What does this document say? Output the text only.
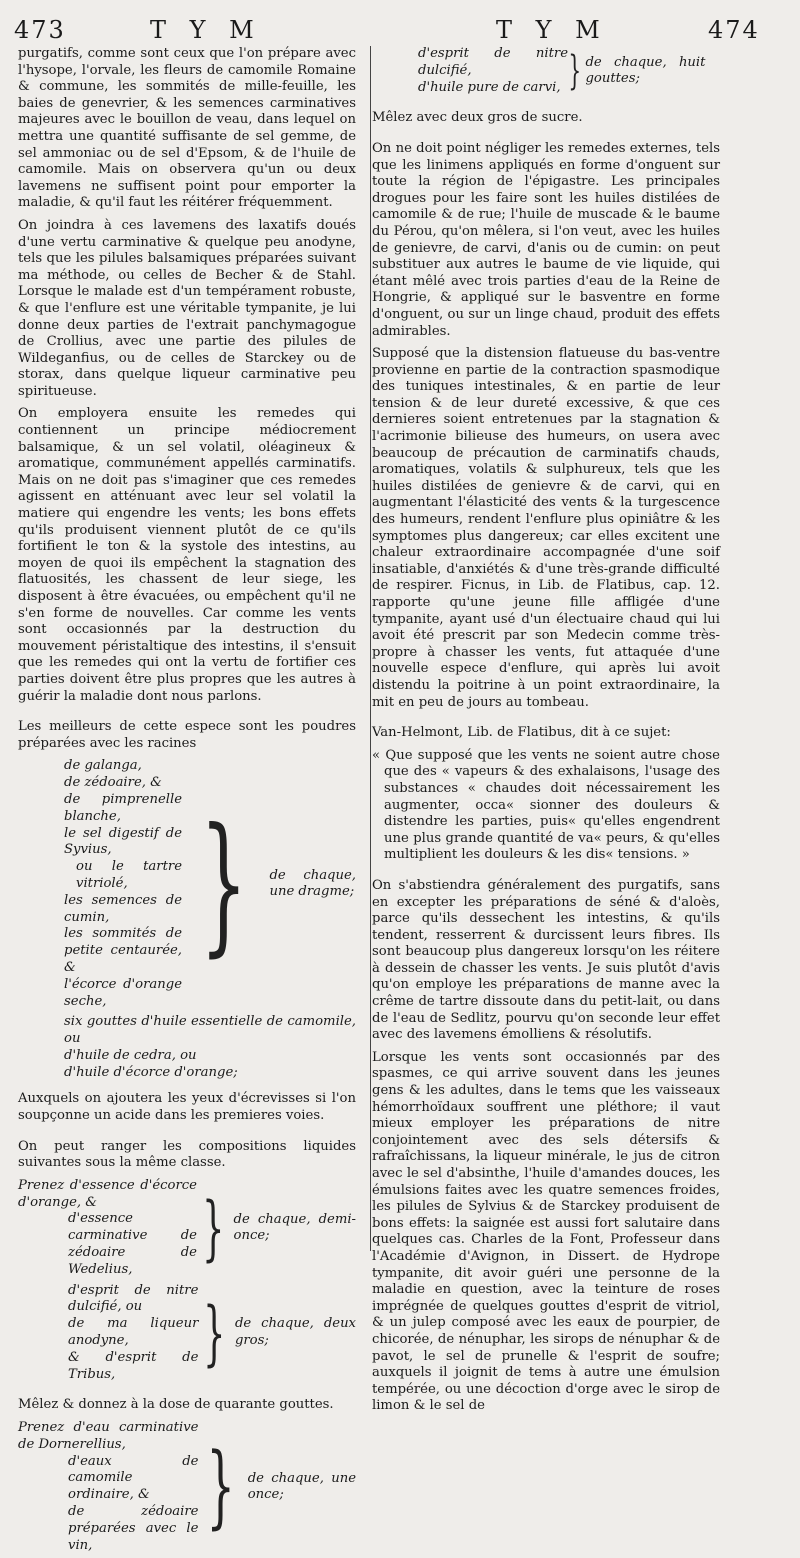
473	T Y M	T Y M	474

purgatifs, comme sont ceux que l'on prépare avec l'hysope, l'orvale, les fleurs de camomile Romaine & commune, les sommités de mille-feuille, les baies de genevrier, & les semences carminatives majeures avec le bouillon de veau, dans lequel on mettra une quantité suffisante de sel gemme, de sel ammoniac ou de sel d'Epsom, & de l'huile de camomile. Mais on observera qu'un ou deux lavemens ne suffisent point pour emporter la maladie, & qu'il faut les réitérer fréquemment.

On joindra à ces lavemens des laxatifs doués d'une vertu carminative & quelque peu anodyne, tels que les pilules balsamiques préparées suivant ma méthode, ou celles de Becher & de Stahl. Lorsque le malade est d'un tempérament robuste, & que l'enflure est une véritable tympanite, je lui donne deux parties de l'extrait panchymagogue de Crollius, avec une partie des pilules de Wildeganfius, ou de celles de Starckey ou de storax, dans quelque liqueur carminative peu spiritueuse.

On employera ensuite les remedes qui contiennent un principe médiocrement balsamique, & un sel volatil, oléagineux & aromatique, communément appellés carminatifs. Mais on ne doit pas s'imaginer que ces remedes agissent en atténuant avec leur sel volatil la matiere qui engendre les vents; les bons effets qu'ils produisent viennent plutôt de ce qu'ils fortifient le ton & la systole des intestins, au moyen de quoi ils empêchent la stagnation des flatuosités, les chassent de leur siege, les disposent à être évacuées, ou empêchent qu'il ne s'en forme de nouvelles. Car comme les vents sont occasionnés par la destruction du mouvement péristaltique des intestins, il s'ensuit que les remedes qui ont la vertu de fortifier ces parties doivent être plus propres que les autres à guérir la maladie dont nous parlons.

Les meilleurs de cette espece sont les poudres préparées avec les racines

de galanga,
de zédoaire, &
de pimprenelle blanche,
le sel digestif de Syvius,
ou le tartre vitriolé,
les semences de cumin,
les sommités de petite centaurée, &
l'écorce d'orange seche,
}	de chaque, une dragme;
six gouttes d'huile essentielle de camomile, ou
d'huile de cedra, ou
d'huile d'écorce d'orange;

Auxquels on ajoutera les yeux d'écrevisses si l'on soupçonne un acide dans les premieres voies.

On peut ranger les compositions liquides suivantes sous la même classe.

Prenez d'essence d'écorce d'orange, &
d'essence carminative de zédoaire de Wedelius,
} de chaque, demi-once;
d'esprit de nitre dulcifié, ou
de ma liqueur anodyne,
& d'esprit de Tribus,
} de chaque, deux gros;

Mêlez & donnez à la dose de quarante gouttes.

Prenez d'eau carminative de Dornerellius,
d'eaux de camomile ordinaire, &
de zédoaire préparées avec le vin,
} de chaque, une once;
d'esprit de nitre dulcifié,
d'huile pure de carvi, } de chaque, huit gouttes;

Mêlez avec deux gros de sucre.

On ne doit point négliger les remedes externes, tels que les linimens appliqués en forme d'onguent sur toute la région de l'épigastre. Les principales drogues pour les faire sont les huiles distilées de camomile & de rue; l'huile de muscade & le baume du Pérou, qu'on mêlera, si l'on veut, avec les huiles de genievre, de carvi, d'anis ou de cumin: on peut substituer aux autres le baume de vie liquide, qui étant mêlé avec trois parties d'eau de la Reine de Hongrie, & appliqué sur le basventre en forme d'onguent, ou sur un linge chaud, produit des effets admirables.

Supposé que la distension flatueuse du bas-ventre provienne en partie de la contraction spasmodique des tuniques intestinales, & en partie de leur tension & de leur dureté excessive, & que ces dernieres soient entretenues par la stagnation & l'acrimonie bilieuse des humeurs, on usera avec beaucoup de précaution de carminatifs chauds, aromatiques, volatils & sulphureux, tels que les huiles distilées de genievre & de carvi, qui en augmentant l'élasticité des vents & la turgescence des humeurs, rendent l'enflure plus opiniâtre & les symptomes plus dangereux; car elles excitent une chaleur extraordinaire accompagnée d'une soif insatiable, d'anxiétés & d'une très-grande difficulté de respirer. Ficnus, in Lib. de Flatibus, cap. 12. rapporte qu'une jeune fille affligée d'une tympanite, ayant usé d'un électuaire chaud qui lui avoit été prescrit par son Medecin comme très-propre à chasser les vents, fut attaquée d'une nouvelle espece d'enflure, qui après lui avoit distendu la poitrine à un point extraordinaire, la mit en peu de jours au tombeau.

Van-Helmont, Lib. de Flatibus, dit à ce sujet:

« Que supposé que les vents ne soient autre chose que des « vapeurs & des exhalaisons, l'usage des substances « chaudes doit nécessairement les augmenter, occa« sionner des douleurs & distendre les parties, puis« qu'elles engendrent une plus grande quantité de va« peurs, & qu'elles multiplient les douleurs & les dis« tensions. »

On s'abstiendra généralement des purgatifs, sans en excepter les préparations de séné & d'aloès, parce qu'ils dessechent les intestins, & qu'ils tendent, resserrent & durcissent leurs fibres. Ils sont beaucoup plus dangereux lorsqu'on les réitere à dessein de chasser les vents. Je suis plutôt d'avis qu'on employe les préparations de manne avec la crême de tartre dissoute dans du petit-lait, ou dans de l'eau de Sedlitz, pourvu qu'on seconde leur effet avec des lavemens émolliens & résolutifs.

Lorsque les vents sont occasionnés par des spasmes, ce qui arrive souvent dans les jeunes gens & les adultes, dans le tems que les vaisseaux hémorrhoïdaux souffrent une pléthore; il vaut mieux employer les préparations de nitre conjointement avec des sels détersifs & rafraîchissans, la liqueur minérale, le jus de citron avec le sel d'absinthe, l'huile d'amandes douces, les émulsions faites avec les quatre semences froides, les pilules de Sylvius & de Starckey produisent de bons effets: la saignée est aussi fort salutaire dans quelques cas. Charles de la Font, Professeur dans l'Académie d'Avignon, in Dissert. de Hydrope tympanite, dit avoir guéri une personne de la maladie en question, avec la teinture de roses imprégnée de quelques gouttes d'esprit de vitriol, & un julep composé avec les eaux de pourpier, de chicorée, de nénuphar, les sirops de nénuphar & de pavot, le sel de prunelle & l'esprit de soufre; auxquels il joignit de tems à autre une émulsion tempérée, ou une décoction d'orge avec le sirop de limon & le sel de
